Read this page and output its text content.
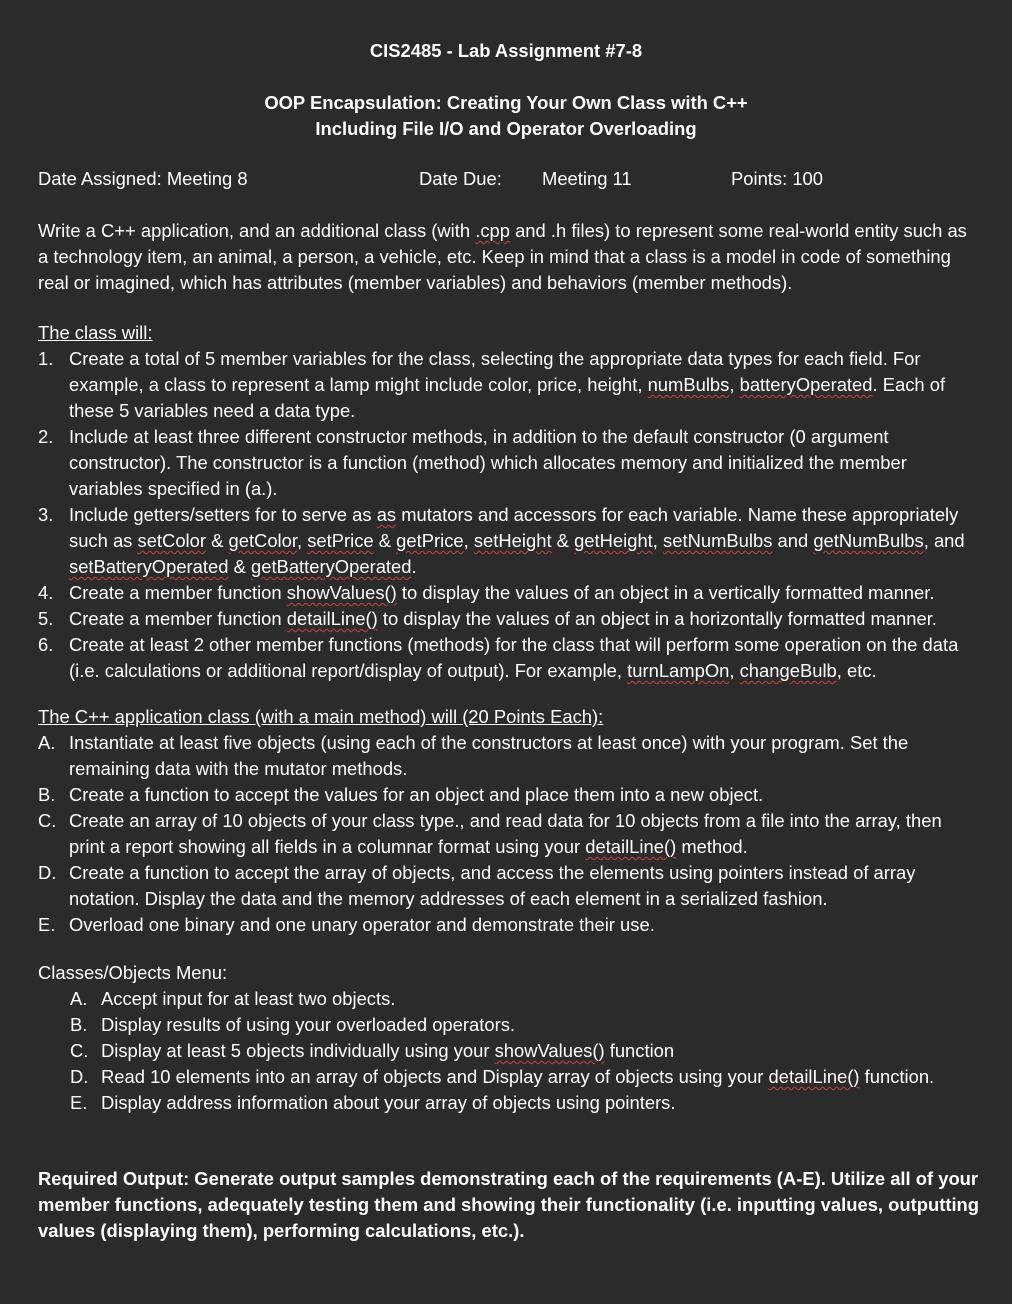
CIS2485 - Lab Assignment #7-8
OOP Encapsulation: Creating Your Own Class with C++
Including File I/O and Operator Overloading
Date Assigned: Meeting 8	Date Due: Meeting 11	Points: 100
Write a C++ application, and an additional class (with .cpp and .h files) to represent some real-world entity such as a technology item, an animal, a person, a vehicle, etc. Keep in mind that a class is a model in code of something real or imagined, which has attributes (member variables) and behaviors (member methods).
The class will:
1. Create a total of 5 member variables for the class, selecting the appropriate data types for each field. For example, a class to represent a lamp might include color, price, height, numBulbs, batteryOperated. Each of these 5 variables need a data type.
2. Include at least three different constructor methods, in addition to the default constructor (0 argument constructor). The constructor is a function (method) which allocates memory and initialized the member variables specified in (a.).
3. Include getters/setters for to serve as as mutators and accessors for each variable. Name these appropriately such as setColor & getColor, setPrice & getPrice, setHeight & getHeight, setNumBulbs and getNumBulbs, and setBatteryOperated & getBatteryOperated.
4. Create a member function showValues() to display the values of an object in a vertically formatted manner.
5. Create a member function detailLine() to display the values of an object in a horizontally formatted manner.
6. Create at least 2 other member functions (methods) for the class that will perform some operation on the data (i.e. calculations or additional report/display of output). For example, turnLampOn, changeBulb, etc.
The C++ application class (with a main method) will (20 Points Each):
A. Instantiate at least five objects (using each of the constructors at least once) with your program. Set the remaining data with the mutator methods.
B. Create a function to accept the values for an object and place them into a new object.
C. Create an array of 10 objects of your class type., and read data for 10 objects from a file into the array, then print a report showing all fields in a columnar format using your detailLine() method.
D. Create a function to accept the array of objects, and access the elements using pointers instead of array notation. Display the data and the memory addresses of each element in a serialized fashion.
E. Overload one binary and one unary operator and demonstrate their use.
Classes/Objects Menu:
A. Accept input for at least two objects.
B. Display results of using your overloaded operators.
C. Display at least 5 objects individually using your showValues() function
D. Read 10 elements into an array of objects and Display array of objects using your detailLine() function.
E. Display address information about your array of objects using pointers.
Required Output: Generate output samples demonstrating each of the requirements (A-E). Utilize all of your member functions, adequately testing them and showing their functionality (i.e. inputting values, outputting values (displaying them), performing calculations, etc.).
